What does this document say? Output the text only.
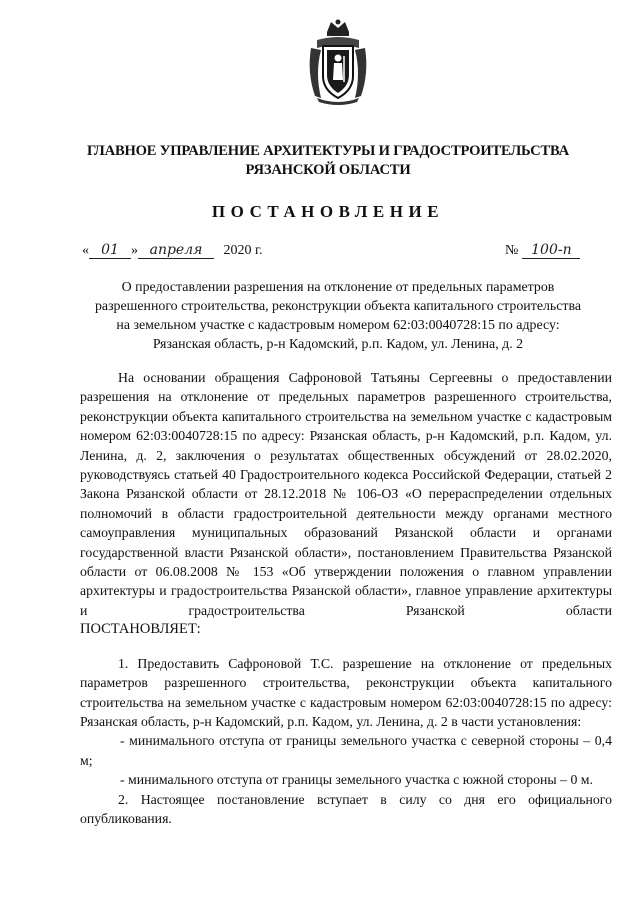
ГЛАВНОЕ УПРАВЛЕНИЕ АРХИТЕКТУРЫ И ГРАДОСТРОИТЕЛЬСТВА
РЯЗАНСКОЙ ОБЛАСТИ
ПОСТАНОВЛЕНИЕ
« 01 » апреля 2020 г.	№ 100-п
О предоставлении разрешения на отклонение от предельных параметров
разрешенного строительства, реконструкции объекта капитального строительства
на земельном участке с кадастровым номером 62:03:0040728:15 по адресу:
Рязанская область, р-н Кадомский, р.п. Кадом, ул. Ленина, д. 2

На основании обращения Сафроновой Татьяны Сергеевны о предоставлении разрешения на отклонение от предельных параметров разрешенного строительства, реконструкции объекта капитального строительства на земельном участке с кадастровым номером 62:03:0040728:15 по адресу: Рязанская область, р-н Кадомский, р.п. Кадом, ул. Ленина, д. 2, заключения о результатах общественных обсуждений от 28.02.2020, руководствуясь статьей 40 Градостроительного кодекса Российской Федерации, статьей 2 Закона Рязанской области от 28.12.2018 № 106-ОЗ «О перераспределении отдельных полномочий в области градостроительной деятельности между органами местного самоуправления муниципальных образований Рязанской области и органами государственной власти Рязанской области», постановлением Правительства Рязанской области от 06.08.2008 № 153 «Об утверждении положения о главном управлении архитектуры и градостроительства Рязанской области», главное управление архитектуры и градостроительства Рязанской области

ПОСТАНОВЛЯЕТ:

1. Предоставить Сафроновой Т.С. разрешение на отклонение от предельных параметров разрешенного строительства, реконструкции объекта капитального строительства на земельном участке с кадастровым номером 62:03:0040728:15 по адресу: Рязанская область, р-н Кадомский, р.п. Кадом, ул. Ленина, д. 2 в части установления:

- минимального отступа от границы земельного участка с северной стороны – 0,4 м;

- минимального отступа от границы земельного участка с южной стороны – 0 м.

2. Настоящее постановление вступает в силу со дня его официального опубликования.
